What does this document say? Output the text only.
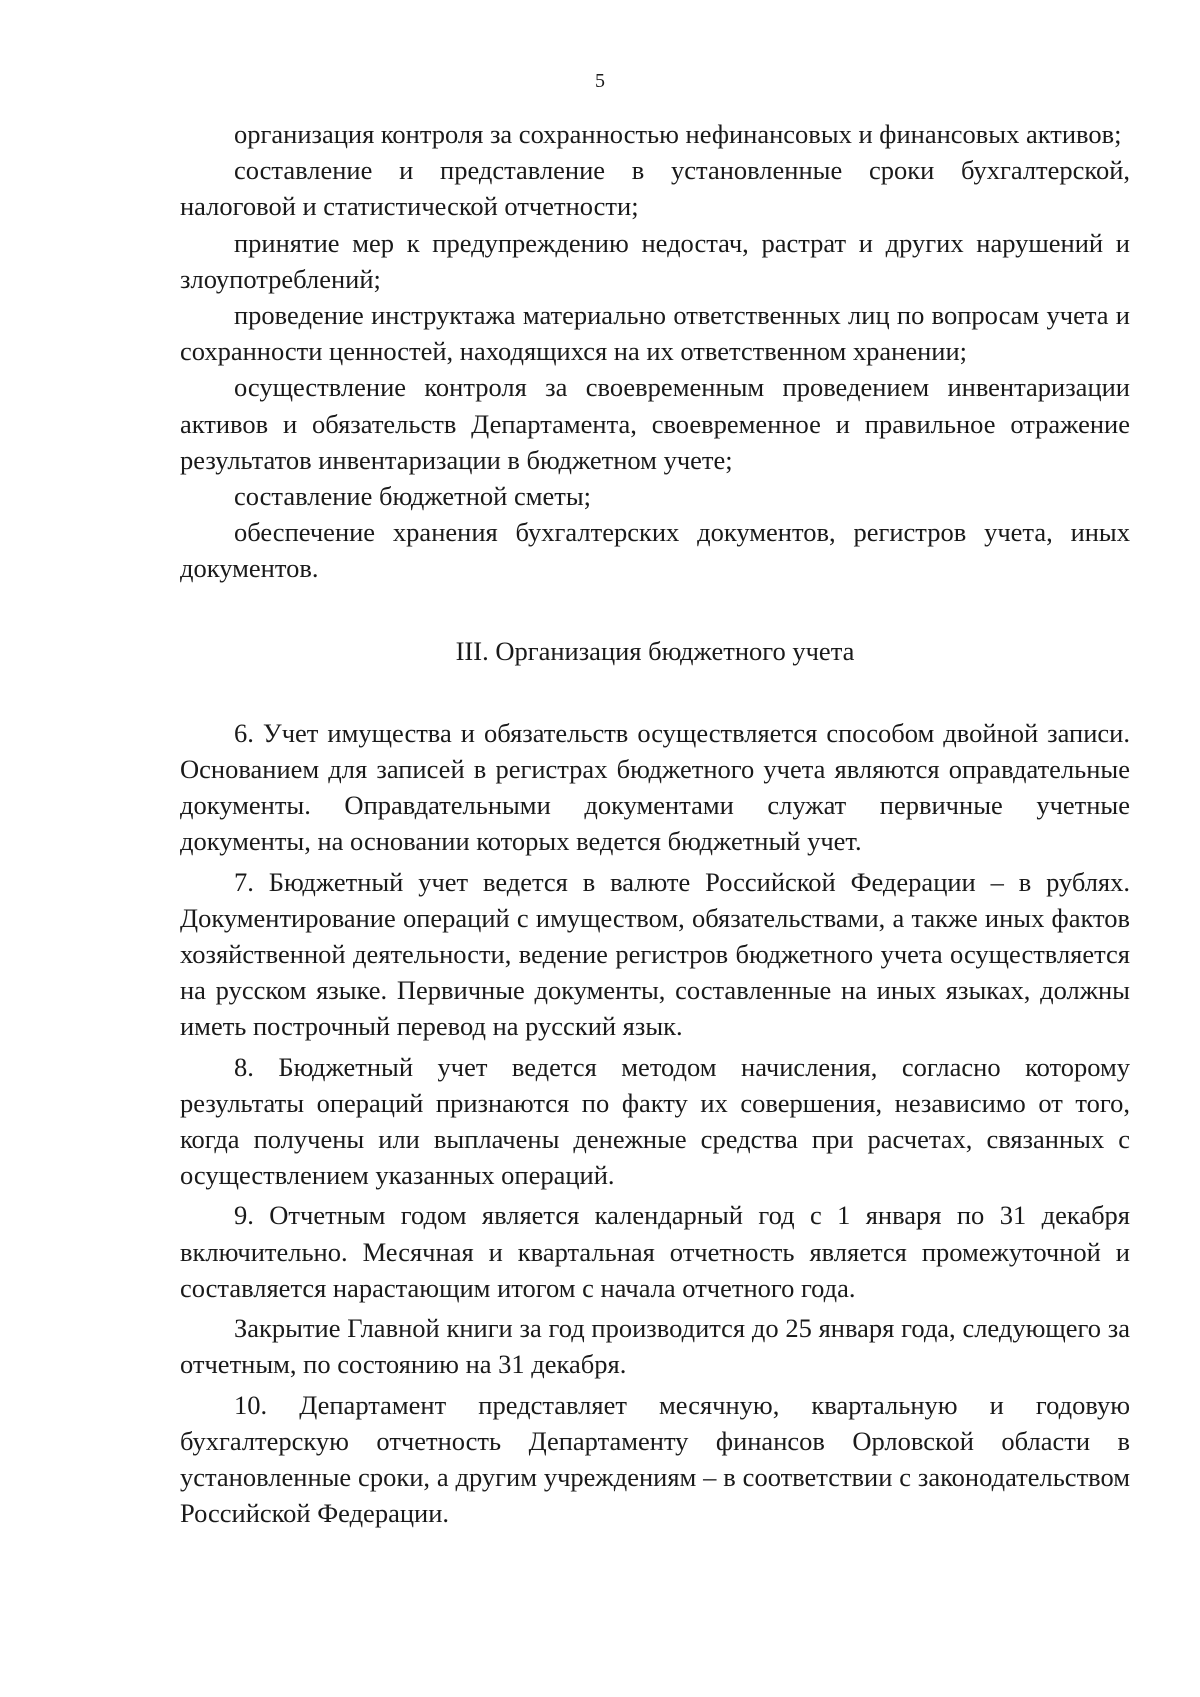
5

организация контроля за сохранностью нефинансовых и финансовых активов;

составление и представление в установленные сроки бухгалтерской, налоговой и статистической отчетности;

принятие мер к предупреждению недостач, растрат и других нарушений и злоупотреблений;

проведение инструктажа материально ответственных лиц по вопросам учета и сохранности ценностей, находящихся на их ответственном хранении;

осуществление контроля за своевременным проведением инвентаризации активов и обязательств Департамента, своевременное и правильное отражение результатов инвентаризации в бюджетном учете;

составление бюджетной сметы;

обеспечение хранения бухгалтерских документов, регистров учета, иных документов.

III. Организация бюджетного учета

6. Учет имущества и обязательств осуществляется способом двойной записи. Основанием для записей в регистрах бюджетного учета являются оправдательные документы. Оправдательными документами служат первичные учетные документы, на основании которых ведется бюджетный учет.

7. Бюджетный учет ведется в валюте Российской Федерации – в рублях. Документирование операций с имуществом, обязательствами, а также иных фактов хозяйственной деятельности, ведение регистров бюджетного учета осуществляется на русском языке. Первичные документы, составленные на иных языках, должны иметь построчный перевод на русский язык.

8. Бюджетный учет ведется методом начисления, согласно которому результаты операций признаются по факту их совершения, независимо от того, когда получены или выплачены денежные средства при расчетах, связанных с осуществлением указанных операций.

9. Отчетным годом является календарный год с 1 января по 31 декабря включительно. Месячная и квартальная отчетность является промежуточной и составляется нарастающим итогом с начала отчетного года.

Закрытие Главной книги за год производится до 25 января года, следующего за отчетным, по состоянию на 31 декабря.

10. Департамент представляет месячную, квартальную и годовую бухгалтерскую отчетность Департаменту финансов Орловской области в установленные сроки, а другим учреждениям – в соответствии с законодательством Российской Федерации.
